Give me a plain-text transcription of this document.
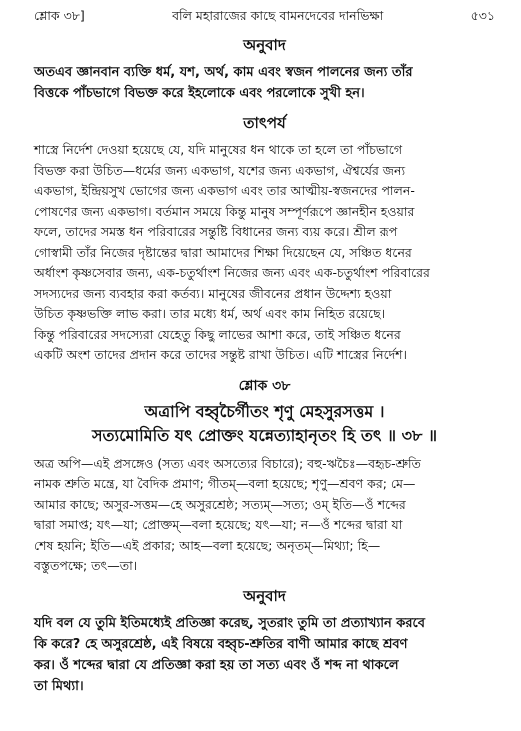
শ্লোক ৩৮]	বলি মহারাজের কাছে বামনদেবের দানভিক্ষা	৫৩১
অনুবাদ
অতএব জ্ঞানবান ব্যক্তি ধর্ম, যশ, অর্থ, কাম এবং স্বজন পালনের জন্য তাঁর
বিত্তকে পাঁচভাগে বিভক্ত করে ইহলোকে এবং পরলোকে সুখী হন।
তাৎপর্য
শাস্ত্রে নির্দেশ দেওয়া হয়েছে যে, যদি মানুষের ধন থাকে তা হলে তা পাঁচভাগে
বিভক্ত করা উচিত—ধর্মের জন্য একভাগ, যশের জন্য একভাগ, ঐশ্বর্যের জন্য
একভাগ, ইন্দ্রিয়সুখ ভোগের জন্য একভাগ এবং তার আত্মীয়-স্বজনদের পালন-
পোষণের জন্য একভাগ। বর্তমান সময়ে কিন্তু মানুষ সম্পূর্ণরূপে জ্ঞানহীন হওয়ার
ফলে, তাদের সমস্ত ধন পরিবারের সন্তুষ্টি বিধানের জন্য ব্যয় করে। শ্রীল রূপ
গোস্বামী তাঁর নিজের দৃষ্টান্তের দ্বারা আমাদের শিক্ষা দিয়েছেন যে, সঞ্চিত ধনের
অর্ধাংশ কৃষ্ণসেবার জন্য, এক-চতুর্থাংশ নিজের জন্য এবং এক-চতুর্থাংশ পরিবারের
সদস্যদের জন্য ব্যবহার করা কর্তব্য। মানুষের জীবনের প্রধান উদ্দেশ্য হওয়া
উচিত কৃষ্ণভক্তি লাভ করা। তার মধ্যে ধর্ম, অর্থ এবং কাম নিহিত রয়েছে।
কিন্তু পরিবারের সদস্যেরা যেহেতু কিছু লাভের আশা করে, তাই সঞ্চিত ধনের
একটি অংশ তাদের প্রদান করে তাদের সন্তুষ্ট রাখা উচিত। এটি শাস্ত্রের নির্দেশ।
শ্লোক ৩৮

অত্রাপি বহ্বৃচৈর্গীতং শৃণু মেহসুরসত্তম ।

সত্যমোমিতি যৎ প্রোক্তং যন্নেত্যাহানৃতং হি তৎ ॥ ৩৮ ॥

অত্র অপি—এই প্রসঙ্গেও (সত্য এবং অসত্যের বিচারে); বহু-ঋচৈঃ—বহৃচ-শ্রুতি
নামক শ্রুতি মন্ত্রে, যা বৈদিক প্রমাণ; গীতম্—বলা হয়েছে; শৃণু—শ্রবণ কর; মে—
আমার কাছে; অসুর-সত্তম—হে অসুরশ্রেষ্ঠ; সত্যম্—সত্য; ওম্ ইতি—ওঁ শব্দের
দ্বারা সমাপ্ত; যৎ—যা; প্রোক্তম্—বলা হয়েছে; যৎ—যা; ন—ওঁ শব্দের দ্বারা যা
শেষ হয়নি; ইতি—এই প্রকার; আহ—বলা হয়েছে; অনৃতম্—মিথ্যা; হি—
বস্তুতপক্ষে; তৎ—তা।
অনুবাদ
যদি বল যে তুমি ইতিমধ্যেই প্রতিজ্ঞা করেছ, সুতরাং তুমি তা প্রত্যাখ্যান করবে
কি করে? হে অসুরশ্রেষ্ঠ, এই বিষয়ে বহ্বৃচ-শ্রুতির বাণী আমার কাছে শ্রবণ
কর। ওঁ শব্দের দ্বারা যে প্রতিজ্ঞা করা হয় তা সত্য এবং ওঁ শব্দ না থাকলে
তা মিথ্যা।
